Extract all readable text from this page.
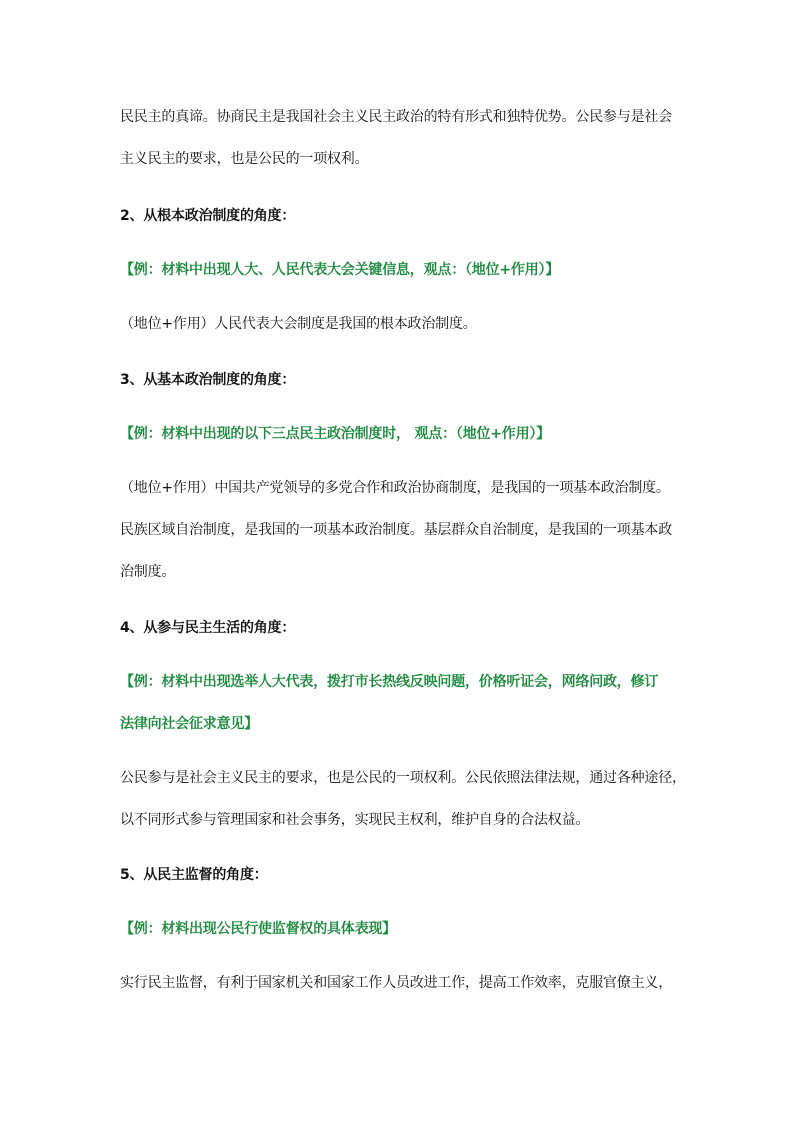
民民主的真谛。协商民主是我国社会主义民主政治的特有形式和独特优势。公民参与是社会
主义民主的要求，也是公民的一项权利。
2、从根本政治制度的角度：
【例：材料中出现人大、人民代表大会关键信息，观点：（地位+作用）】
（地位+作用）人民代表大会制度是我国的根本政治制度。
3、从基本政治制度的角度：
【例：材料中出现的以下三点民主政治制度时， 观点：（地位+作用）】
（地位+作用）中国共产党领导的多党合作和政治协商制度，是我国的一项基本政治制度。
民族区域自治制度，是我国的一项基本政治制度。基层群众自治制度，是我国的一项基本政
治制度。
4、从参与民主生活的角度：
【例：材料中出现选举人大代表，拨打市长热线反映问题，价格听证会，网络问政，修订
法律向社会征求意见】
公民参与是社会主义民主的要求，也是公民的一项权利。公民依照法律法规，通过各种途径，
以不同形式参与管理国家和社会事务，实现民主权利，维护自身的合法权益。
5、从民主监督的角度：
【例：材料出现公民行使监督权的具体表现】
实行民主监督，有利于国家机关和国家工作人员改进工作，提高工作效率，克服官僚主义，
